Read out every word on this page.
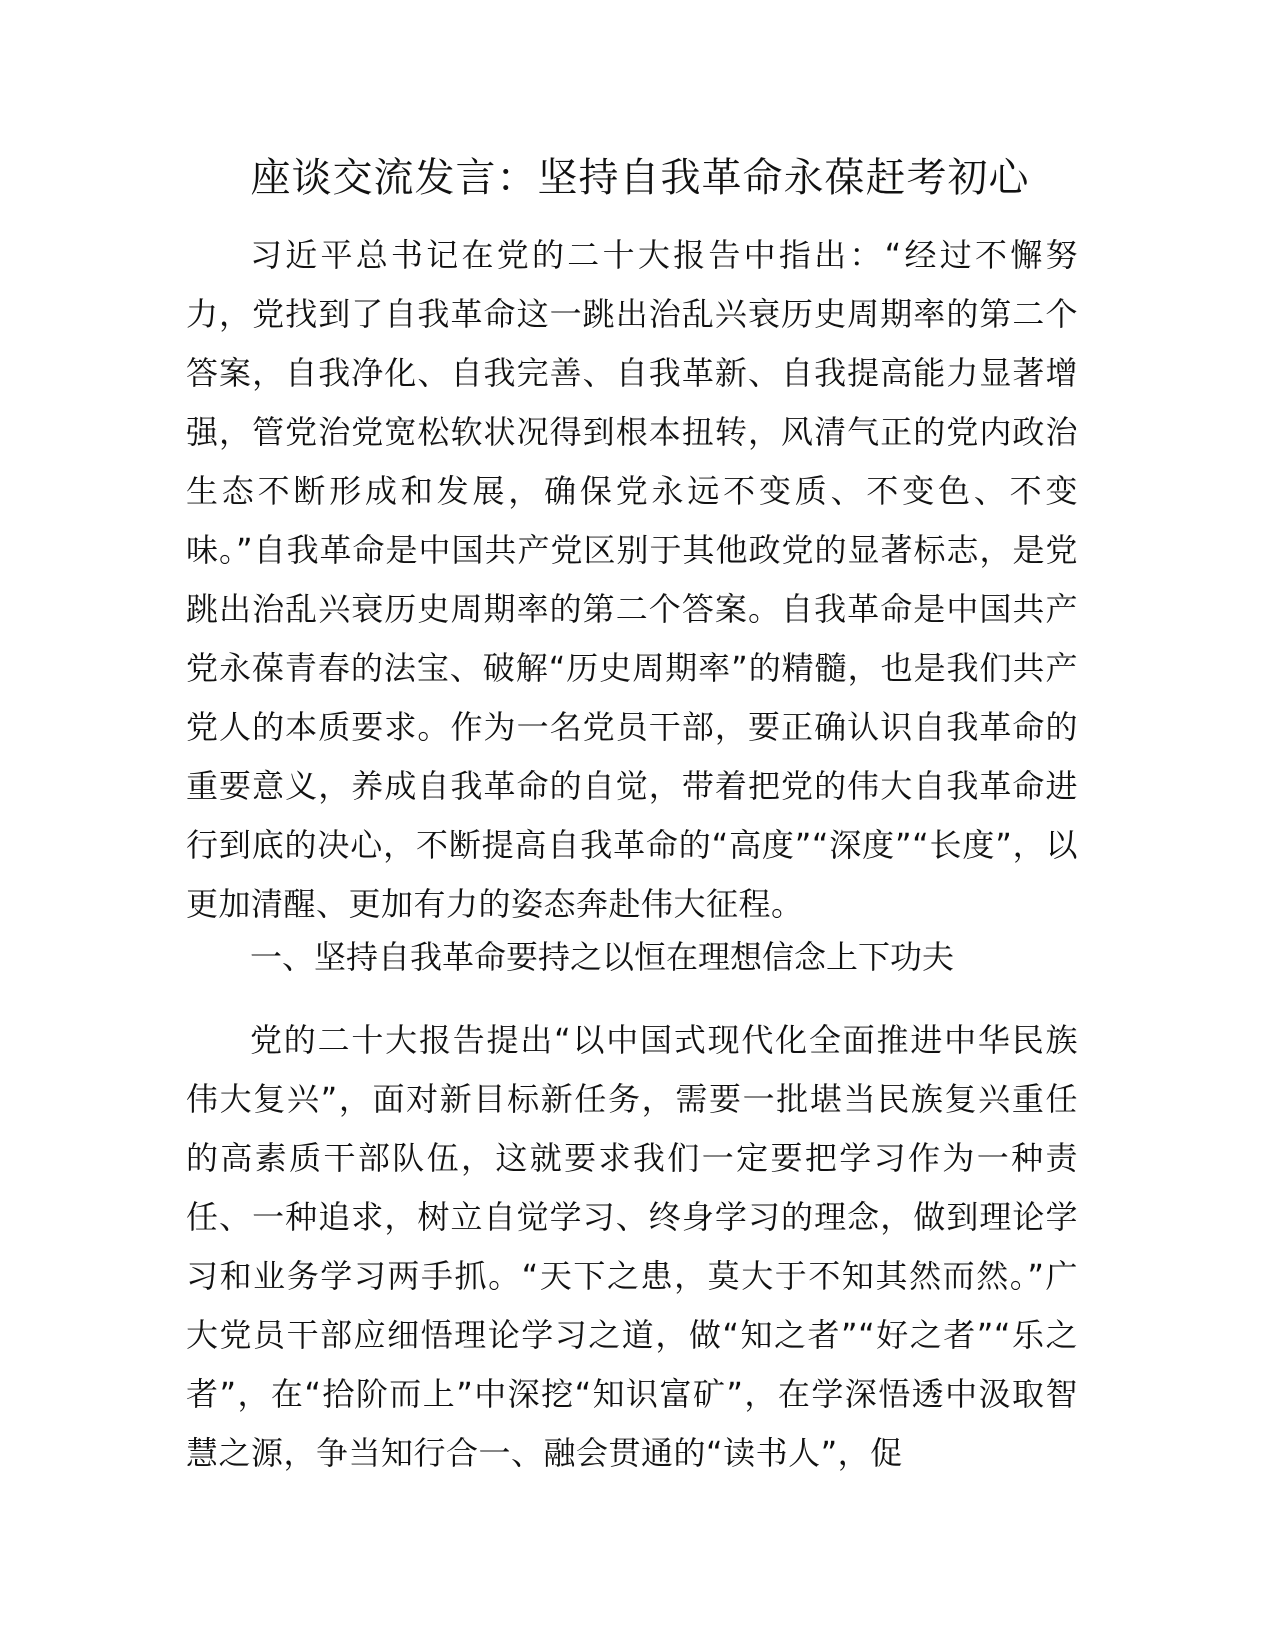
座谈交流发言：坚持自我革命永葆赶考初心

习近平总书记在党的二十大报告中指出：“经过不懈努力，党找到了自我革命这一跳出治乱兴衰历史周期率的第二个答案，自我净化、自我完善、自我革新、自我提高能力显著增强，管党治党宽松软状况得到根本扭转，风清气正的党内政治生态不断形成和发展，确保党永远不变质、不变色、不变味。”自我革命是中国共产党区别于其他政党的显著标志，是党跳出治乱兴衰历史周期率的第二个答案。自我革命是中国共产党永葆青春的法宝、破解“历史周期率”的精髓，也是我们共产党人的本质要求。作为一名党员干部，要正确认识自我革命的重要意义，养成自我革命的自觉，带着把党的伟大自我革命进行到底的决心，不断提高自我革命的“高度”“深度”“长度”，以更加清醒、更加有力的姿态奔赴伟大征程。

一、坚持自我革命要持之以恒在理想信念上下功夫

党的二十大报告提出“以中国式现代化全面推进中华民族伟大复兴”，面对新目标新任务，需要一批堪当民族复兴重任的高素质干部队伍，这就要求我们一定要把学习作为一种责任、一种追求，树立自觉学习、终身学习的理念，做到理论学习和业务学习两手抓。“天下之患，莫大于不知其然而然。”广大党员干部应细悟理论学习之道，做“知之者”“好之者”“乐之者”，在“拾阶而上”中深挖“知识富矿”，在学深悟透中汲取智慧之源，争当知行合一、融会贯通的“读书人”，促
